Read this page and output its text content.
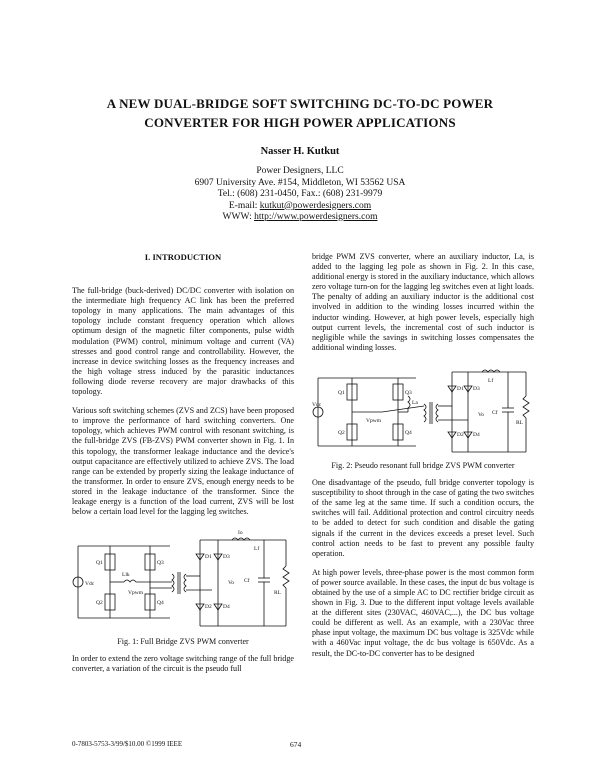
A NEW DUAL-BRIDGE SOFT SWITCHING DC-TO-DC POWER
CONVERTER FOR HIGH POWER APPLICATIONS
Nasser H. Kutkut
Power Designers, LLC
6907 University Ave. #154, Middleton, WI 53562 USA
Tel.: (608) 231-0450, Fax.: (608) 231-9979
E-mail: kutkut@powerdesigners.com
WWW: http://www.powerdesigners.com
I. INTRODUCTION

The full-bridge (buck-derived) DC/DC converter with isolation on the intermediate high frequency AC link has been the preferred topology in many applications. The main advantages of this topology include constant frequency operation which allows optimum design of the magnetic filter components, pulse width modulation (PWM) control, minimum voltage and current (VA) stresses and good control range and controllability. However, the increase in device switching losses as the frequency increases and the high voltage stress induced by the parasitic inductances following diode reverse recovery are major drawbacks of this topology.

Various soft switching schemes (ZVS and ZCS) have been proposed to improve the performance of hard switching converters. One topology, which achieves PWM control with resonant switching, is the full-bridge ZVS (FB-ZVS) PWM converter shown in Fig. 1. In this topology, the transformer leakage inductance and the device's output capacitance are effectively utilized to achieve ZVS. The load range can be extended by properly sizing the leakage inductance of the transformer. In order to ensure ZVS, enough energy needs to be stored in the leakage inductance of the transformer. Since the leakage energy is a function of the load current, ZVS will be lost below a certain load level for the lagging leg switches.

Vdc
Q1
Q2
Q3
Q4
Llk
Vpwm
D1
D2
D3
D4
Io
Lf
Cf
Vo
RL
Fig. 1: Full Bridge ZVS PWM converter

In order to extend the zero voltage switching range of the full bridge converter, a variation of the circuit is the pseudo full

bridge PWM ZVS converter, where an auxiliary inductor, La, is added to the lagging leg pole as shown in Fig. 2. In this case, additional energy is stored in the auxiliary inductance, which allows zero voltage turn-on for the lagging leg switches even at light loads. The penalty of adding an auxiliary inductor is the additional cost involved in addition to the winding losses incurred within the inductor winding. However, at high power levels, especially high output current levels, the incremental cost of such inductor is negligible while the savings in switching losses compensates the additional winding losses.

Vdc
Q1
Q2
Q3
Q4
La
Vpwm
D1
D2
D3
D4
Lf
Cf
Vo
RL
Fig. 2: Pseudo resonant full bridge ZVS PWM converter

One disadvantage of the pseudo, full bridge converter topology is susceptibility to shoot through in the case of gating the two switches of the same leg at the same time. If such a condition occurs, the switches will fail. Additional protection and control circuitry needs to be added to detect for such condition and disable the gating signals if the current in the devices exceeds a preset level. Such control action needs to be fast to prevent any possible faulty operation.

At high power levels, three-phase power is the most common form of power source available. In these cases, the input dc bus voltage is obtained by the use of a simple AC to DC rectifier bridge circuit as shown in Fig. 3. Due to the different input voltage levels available at the different sites (230VAC, 460VAC,...), the DC bus voltage could be different as well. As an example, with a 230Vac three phase input voltage, the maximum DC bus voltage is 325Vdc while with a 460Vac input voltage, the dc bus voltage is 650Vdc. As a result, the DC-to-DC converter has to be designed

0-7803-5753-3/99/$10.00 ©1999 IEEE	674
